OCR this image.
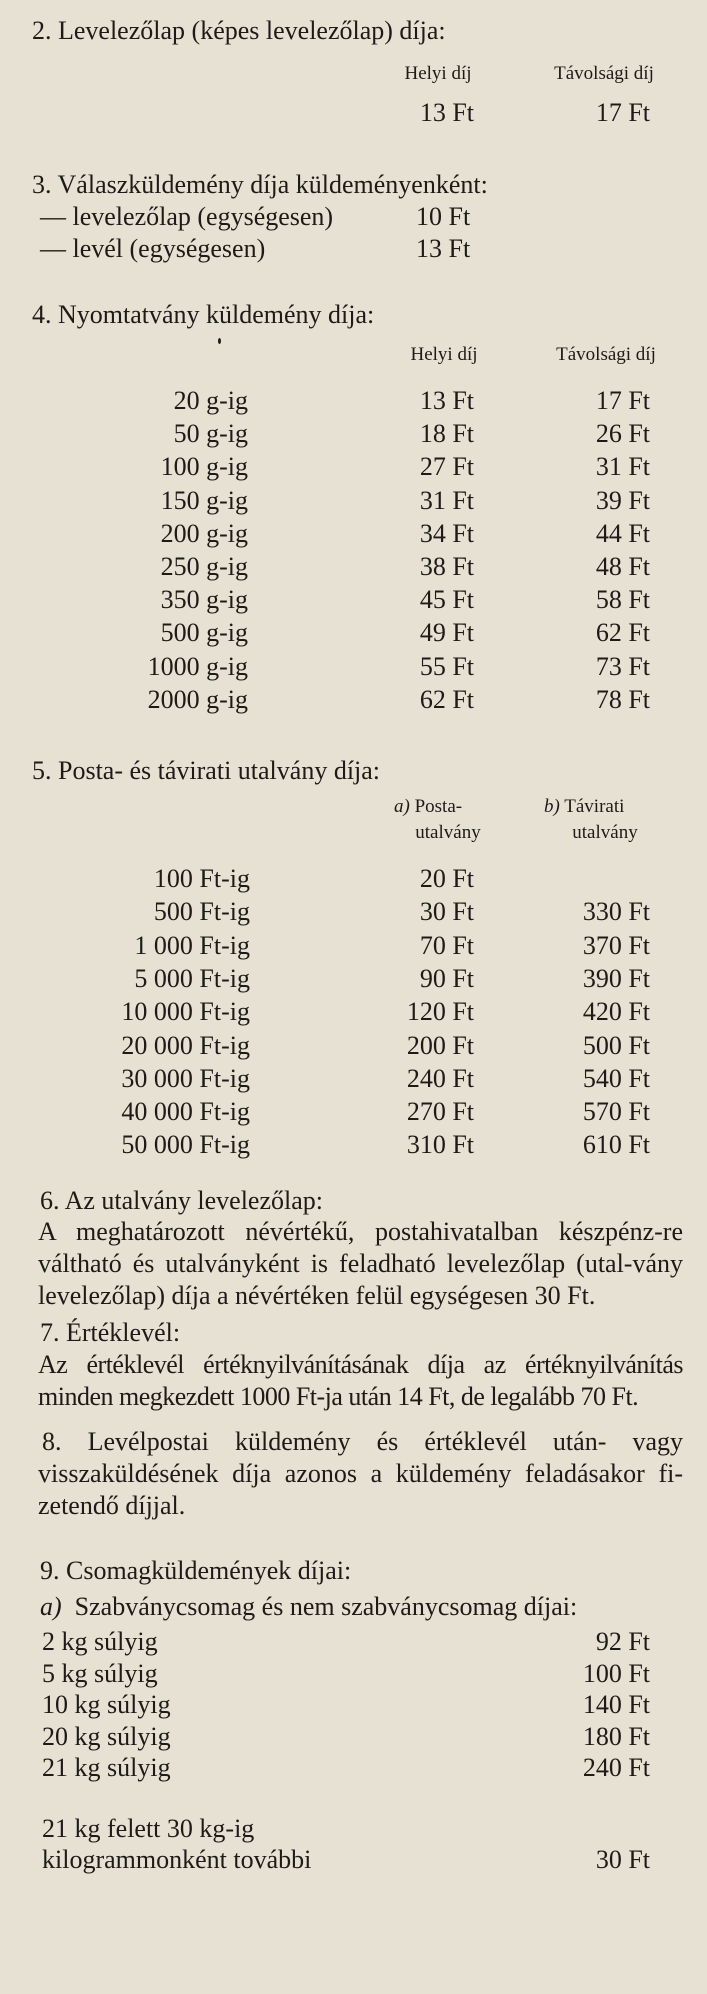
2. Levelezőlap (képes levelezőlap) díja:
Helyi díj	Távolsági díj
13 Ft	17 Ft
3. Válaszküldemény díja küldeményenként:
— levelezőlap (egységesen)	10 Ft
— levél (egységesen)	13 Ft
4. Nyomtatvány küldemény díja:
Helyi díj	Távolsági díj
20 g-ig	13 Ft	17 Ft
50 g-ig	18 Ft	26 Ft
100 g-ig	27 Ft	31 Ft
150 g-ig	31 Ft	39 Ft
200 g-ig	34 Ft	44 Ft
250 g-ig	38 Ft	48 Ft
350 g-ig	45 Ft	58 Ft
500 g-ig	49 Ft	62 Ft
1000 g-ig	55 Ft	73 Ft
2000 g-ig	62 Ft	78 Ft
5. Posta- és távirati utalvány díja:
a) Posta-
utalvány
b) Távirati
utalvány
100 Ft-ig	20 Ft
500 Ft-ig	30 Ft	330 Ft
1 000 Ft-ig	70 Ft	370 Ft
5 000 Ft-ig	90 Ft	390 Ft
10 000 Ft-ig	120 Ft	420 Ft
20 000 Ft-ig	200 Ft	500 Ft
30 000 Ft-ig	240 Ft	540 Ft
40 000 Ft-ig	270 Ft	570 Ft
50 000 Ft-ig	310 Ft	610 Ft
6. Az utalvány levelezőlap:
A meghatározott névértékű, postahivatalban készpénz-re váltható és utalványként is feladható levelezőlap (utal-vány levelezőlap) díja a névértéken felül egységesen 30 Ft.
7. Értéklevél:
Az értéklevél értéknyilvánításának díja az értéknyilvánítás minden megkezdett 1000 Ft-ja után 14 Ft, de legalább 70 Ft.
8. Levélpostai küldemény és értéklevél után- vagy visszaküldésének díja azonos a küldemény feladásakor fi-zetendő díjjal.
9. Csomagküldemények díjai:
a) Szabványcsomag és nem szabványcsomag díjai:
2 kg súlyig	92 Ft
5 kg súlyig	100 Ft
10 kg súlyig	140 Ft
20 kg súlyig	180 Ft
21 kg súlyig	240 Ft
21 kg felett 30 kg-ig
kilogrammonként további	30 Ft
